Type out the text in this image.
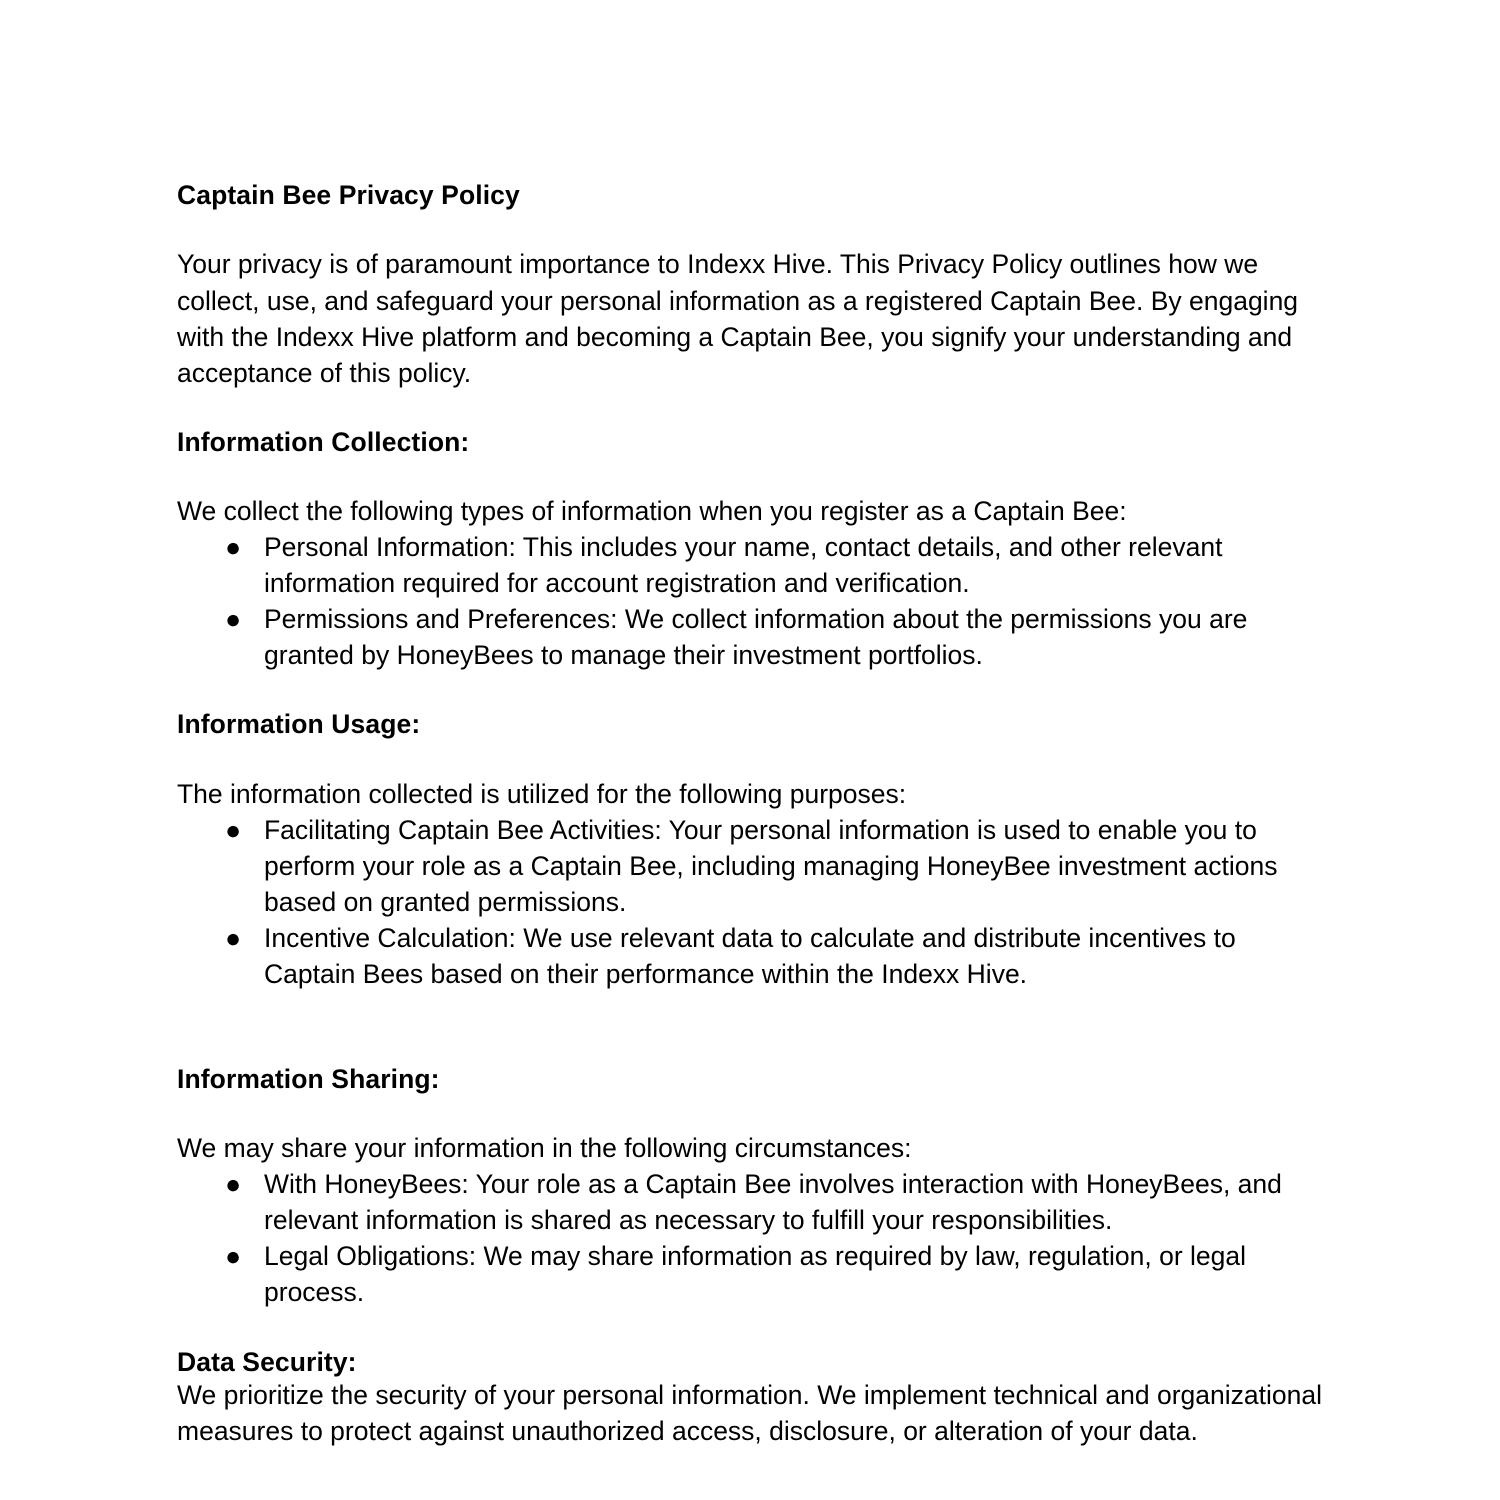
Captain Bee Privacy Policy

Your privacy is of paramount importance to Indexx Hive. This Privacy Policy outlines how we collect, use, and safeguard your personal information as a registered Captain Bee. By engaging with the Indexx Hive platform and becoming a Captain Bee, you signify your understanding and acceptance of this policy.

Information Collection:

We collect the following types of information when you register as a Captain Bee:

● Personal Information: This includes your name, contact details, and other relevant information required for account registration and verification.
● Permissions and Preferences: We collect information about the permissions you are granted by HoneyBees to manage their investment portfolios.
Information Usage:

The information collected is utilized for the following purposes:

● Facilitating Captain Bee Activities: Your personal information is used to enable you to perform your role as a Captain Bee, including managing HoneyBee investment actions based on granted permissions.
● Incentive Calculation: We use relevant data to calculate and distribute incentives to Captain Bees based on their performance within the Indexx Hive.
Information Sharing:

We may share your information in the following circumstances:

● With HoneyBees: Your role as a Captain Bee involves interaction with HoneyBees, and relevant information is shared as necessary to fulfill your responsibilities.
● Legal Obligations: We may share information as required by law, regulation, or legal process.
Data Security:

We prioritize the security of your personal information. We implement technical and organizational measures to protect against unauthorized access, disclosure, or alteration of your data.
